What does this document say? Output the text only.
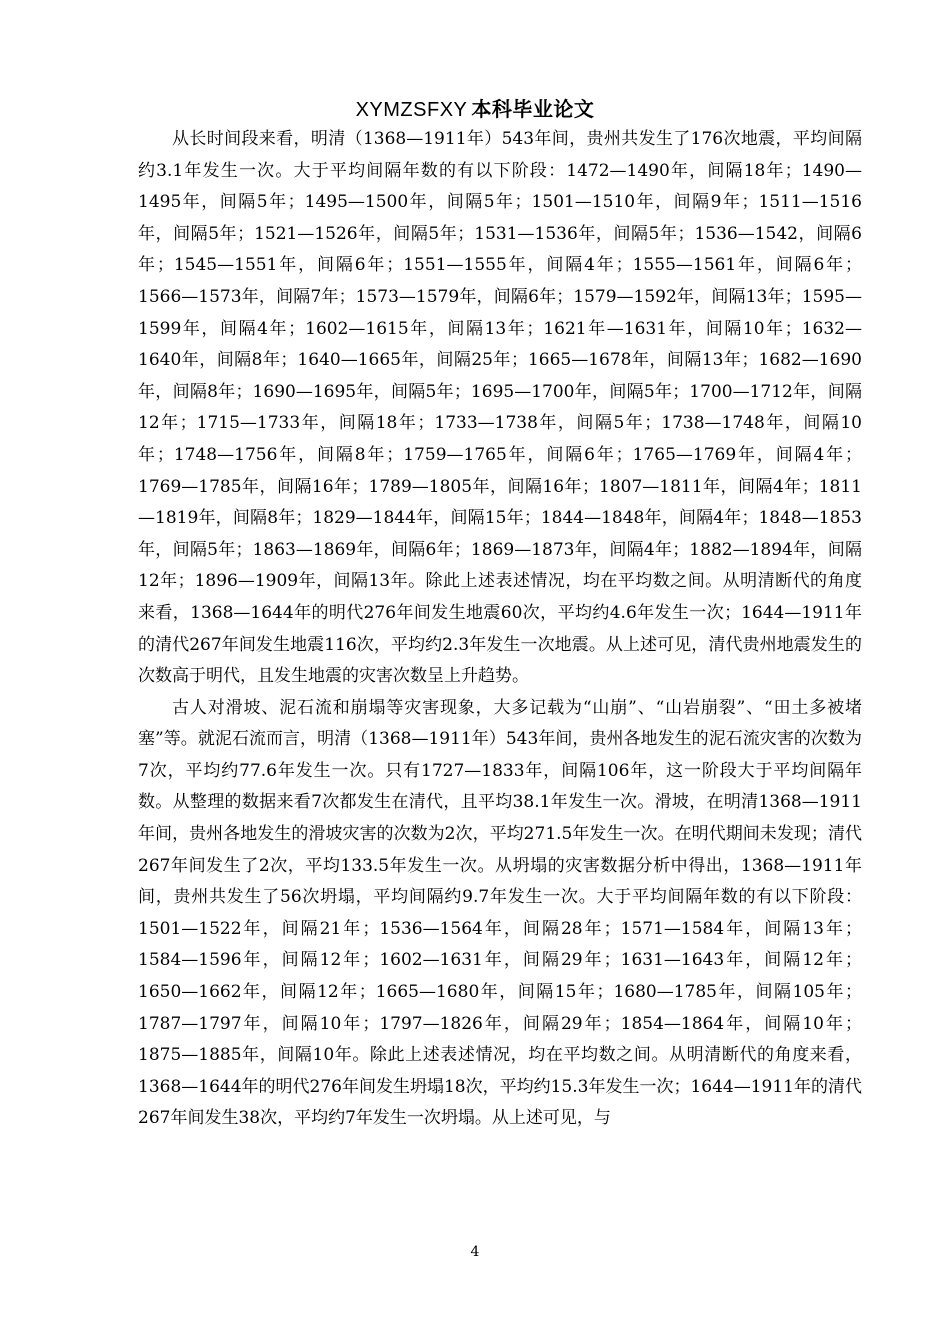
XYMZSFXY 本科毕业论文

从长时间段来看，明清（1368—1911年）543年间，贵州共发生了176次地震，平均间隔约3.1年发生一次。大于平均间隔年数的有以下阶段：1472—1490年，间隔18年；1490—1495年，间隔5年；1495—1500年，间隔5年；1501—1510年，间隔9年；1511—1516年，间隔5年；1521—1526年，间隔5年；1531—1536年，间隔5年；1536—1542，间隔6年；1545—1551年，间隔6年；1551—1555年，间隔4年；1555—1561年，间隔6年；1566—1573年，间隔7年；1573—1579年，间隔6年；1579—1592年，间隔13年；1595—1599年，间隔4年；1602—1615年，间隔13年；1621年—1631年，间隔10年；1632—1640年，间隔8年；1640—1665年，间隔25年；1665—1678年，间隔13年；1682—1690年，间隔8年；1690—1695年，间隔5年；1695—1700年，间隔5年；1700—1712年，间隔12年；1715—1733年，间隔18年；1733—1738年，间隔5年；1738—1748年，间隔10年；1748—1756年，间隔8年；1759—1765年，间隔6年；1765—1769年，间隔4年；1769—1785年，间隔16年；1789—1805年，间隔16年；1807—1811年，间隔4年；1811—1819年，间隔8年；1829—1844年，间隔15年；1844—1848年，间隔4年；1848—1853年，间隔5年；1863—1869年，间隔6年；1869—1873年，间隔4年；1882—1894年，间隔12年；1896—1909年，间隔13年。除此上述表述情况，均在平均数之间。从明清断代的角度来看，1368—1644年的明代276年间发生地震60次，平均约4.6年发生一次；1644—1911年的清代267年间发生地震116次，平均约2.3年发生一次地震。从上述可见，清代贵州地震发生的次数高于明代，且发生地震的灾害次数呈上升趋势。

古人对滑坡、泥石流和崩塌等灾害现象，大多记载为“山崩”、“山岩崩裂”、“田土多被堵塞”等。就泥石流而言，明清（1368—1911年）543年间，贵州各地发生的泥石流灾害的次数为7次，平均约77.6年发生一次。只有1727—1833年，间隔106年，这一阶段大于平均间隔年数。从整理的数据来看7次都发生在清代，且平均38.1年发生一次。滑坡，在明清1368—1911年间，贵州各地发生的滑坡灾害的次数为2次，平均271.5年发生一次。在明代期间未发现；清代267年间发生了2次，平均133.5年发生一次。从坍塌的灾害数据分析中得出，1368—1911年间，贵州共发生了56次坍塌，平均间隔约9.7年发生一次。大于平均间隔年数的有以下阶段：1501—1522年，间隔21年；1536—1564年，间隔28年；1571—1584年，间隔13年；1584—1596年，间隔12年；1602—1631年，间隔29年；1631—1643年，间隔12年；1650—1662年，间隔12年；1665—1680年，间隔15年；1680—1785年，间隔105年；1787—1797年，间隔10年；1797—1826年，间隔29年；1854—1864年，间隔10年；1875—1885年，间隔10年。除此上述表述情况，均在平均数之间。从明清断代的角度来看，1368—1644年的明代276年间发生坍塌18次，平均约15.3年发生一次；1644—1911年的清代267年间发生38次，平均约7年发生一次坍塌。从上述可见，与

4
